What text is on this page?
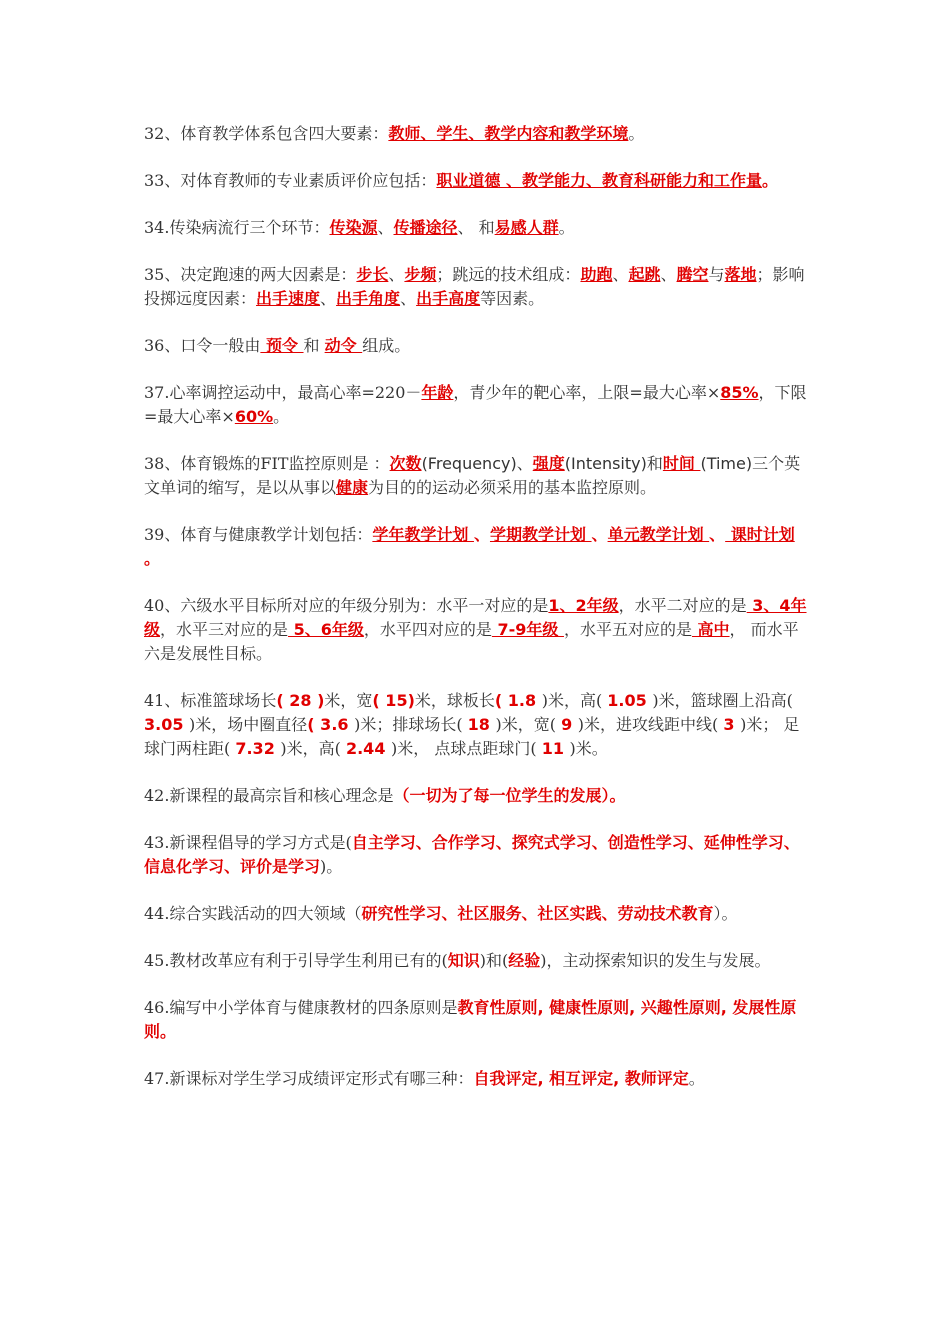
32、体育教学体系包含四大要素：教师、学生、教学内容和教学环境。

33、对体育教师的专业素质评价应包括：职业道德 、教学能力、教育科研能力和工作量。

34.传染病流行三个环节：传染源、传播途径、 和易感人群。

35、决定跑速的两大因素是：步长、步频；跳远的技术组成：助跑、起跳、腾空与落地；影响投掷远度因素：出手速度、出手角度、出手高度等因素。

36、口令一般由 预令 和 动令 组成。

37.心率调控运动中，最高心率=220－年龄，青少年的靶心率，上限=最大心率×85%，下限=最大心率×60%。

38、体育锻炼的FIT监控原则是 ：次数(Frequency)、强度(Intensity)和时间 (Time)三个英文单词的缩写，是以从事以健康为目的的运动必须采用的基本监控原则。

39、体育与健康教学计划包括：学年教学计划 、学期教学计划 、单元教学计划 、 课时计划 。

40、六级水平目标所对应的年级分别为：水平一对应的是1、2年级，水平二对应的是 3、4年级，水平三对应的是 5、6年级，水平四对应的是 7-9年级 ，水平五对应的是 高中， 而水平六是发展性目标。

41、标准篮球场长( 28 )米，宽( 15)米，球板长( 1.8 )米，高( 1.05 )米，篮球圈上沿高( 3.05 )米，场中圈直径( 3.6 )米；排球场长( 18 )米，宽( 9 )米，进攻线距中线( 3 )米； 足球门两柱距( 7.32 )米，高( 2.44 )米， 点球点距球门( 11 )米。

42.新课程的最高宗旨和核心理念是（一切为了每一位学生的发展）。

43.新课程倡导的学习方式是(自主学习、合作学习、探究式学习、创造性学习、延伸性学习、信息化学习、评价是学习)。

44.综合实践活动的四大领域（研究性学习、社区服务、社区实践、劳动技术教育）。

45.教材改革应有利于引导学生利用已有的(知识)和(经验)，主动探索知识的发生与发展。

46.编写中小学体育与健康教材的四条原则是教育性原则, 健康性原则, 兴趣性原则, 发展性原则。

47.新课标对学生学习成绩评定形式有哪三种：自我评定, 相互评定, 教师评定。
